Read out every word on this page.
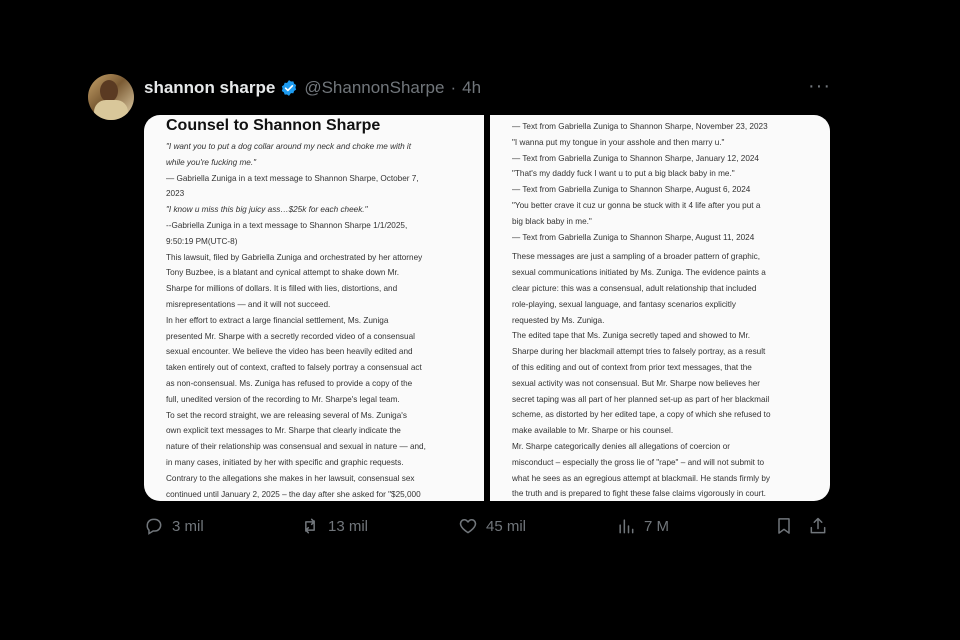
shannon sharpe @ShannonSharpe · 4h	···
Counsel to Shannon Sharpe
"I want you to put a dog collar around my neck and choke me with it
while you're fucking me."
— Gabriella Zuniga in a text message to Shannon Sharpe, October 7,
2023
"I know u miss this big juicy ass…$25k for each cheek."
--Gabriella Zuniga in a text message to Shannon Sharpe 1/1/2025,
9:50:19 PM(UTC-8)
This lawsuit, filed by Gabriella Zuniga and orchestrated by her attorney
Tony Buzbee, is a blatant and cynical attempt to shake down Mr.
Sharpe for millions of dollars. It is filled with lies, distortions, and
misrepresentations — and it will not succeed.
In her effort to extract a large financial settlement, Ms. Zuniga
presented Mr. Sharpe with a secretly recorded video of a consensual
sexual encounter. We believe the video has been heavily edited and
taken entirely out of context, crafted to falsely portray a consensual act
as non-consensual. Ms. Zuniga has refused to provide a copy of the
full, unedited version of the recording to Mr. Sharpe's legal team.
To set the record straight, we are releasing several of Ms. Zuniga's
own explicit text messages to Mr. Sharpe that clearly indicate the
nature of their relationship was consensual and sexual in nature — and,
in many cases, initiated by her with specific and graphic requests.
Contrary to the allegations she makes in her lawsuit, consensual sex
continued until January 2, 2025 – the day after she asked for "$25,000
— Text from Gabriella Zuniga to Shannon Sharpe, November 23, 2023
"I wanna put my tongue in your asshole and then marry u."
— Text from Gabriella Zuniga to Shannon Sharpe, January 12, 2024
"That's my daddy fuck I want u to put a big black baby in me."
— Text from Gabriella Zuniga to Shannon Sharpe, August 6, 2024
"You better crave it cuz ur gonna be stuck with it 4 life after you put a
big black baby in me."
— Text from Gabriella Zuniga to Shannon Sharpe, August 11, 2024
These messages are just a sampling of a broader pattern of graphic,
sexual communications initiated by Ms. Zuniga. The evidence paints a
clear picture: this was a consensual, adult relationship that included
role-playing, sexual language, and fantasy scenarios explicitly
requested by Ms. Zuniga.
The edited tape that Ms. Zuniga secretly taped and showed to Mr.
Sharpe during her blackmail attempt tries to falsely portray, as a result
of this editing and out of context from prior text messages, that the
sexual activity was not consensual. But Mr. Sharpe now believes her
secret taping was all part of her planned set-up as part of her blackmail
scheme, as distorted by her edited tape, a copy of which she refused to
make available to Mr. Sharpe or his counsel.
Mr. Sharpe categorically denies all allegations of coercion or
misconduct – especially the gross lie of "rape" – and will not submit to
what he sees as an egregious attempt at blackmail. He stands firmly by
the truth and is prepared to fight these false claims vigorously in court.
3 mil	13 mil	45 mil	7 M
